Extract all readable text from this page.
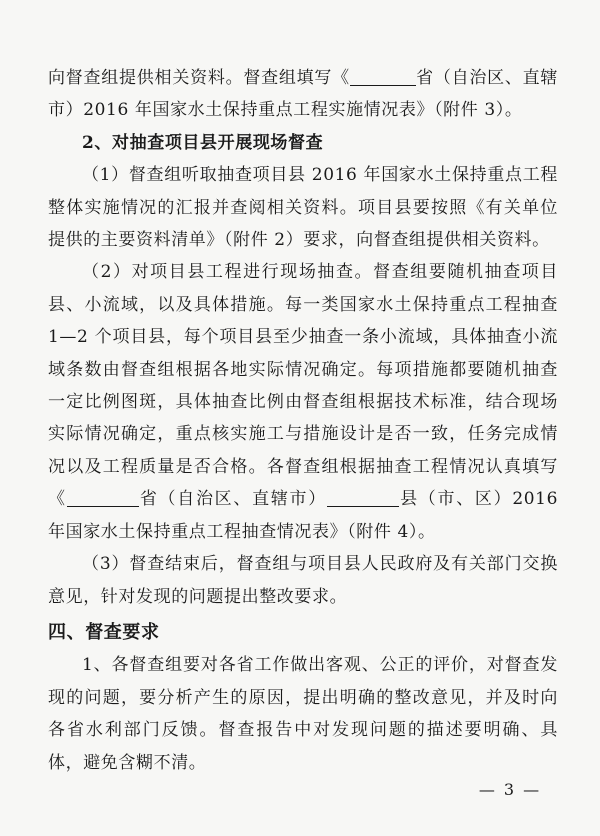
向督查组提供相关资料。督查组填写《	省（自治区、直辖市）2016 年国家水土保持重点工程实施情况表》（附件 3）。

2、对抽查项目县开展现场督查

（1）督查组听取抽查项目县 2016 年国家水土保持重点工程整体实施情况的汇报并查阅相关资料。项目县要按照《有关单位提供的主要资料清单》（附件 2）要求，向督查组提供相关资料。

（2）对项目县工程进行现场抽查。督查组要随机抽查项目县、小流域，以及具体措施。每一类国家水土保持重点工程抽查 1—2 个项目县，每个项目县至少抽查一条小流域，具体抽查小流域条数由督查组根据各地实际情况确定。每项措施都要随机抽查一定比例图斑，具体抽查比例由督查组根据技术标准，结合现场实际情况确定，重点核实施工与措施设计是否一致，任务完成情况以及工程质量是否合格。各督查组根据抽查工程情况认真填写《	省（自治区、直辖市）	县（市、区）2016 年国家水土保持重点工程抽查情况表》（附件 4）。

（3）督查结束后，督查组与项目县人民政府及有关部门交换意见，针对发现的问题提出整改要求。

四、督查要求

1、各督查组要对各省工作做出客观、公正的评价，对督查发现的问题，要分析产生的原因，提出明确的整改意见，并及时向各省水利部门反馈。督查报告中对发现问题的描述要明确、具体，避免含糊不清。

— 3 —
